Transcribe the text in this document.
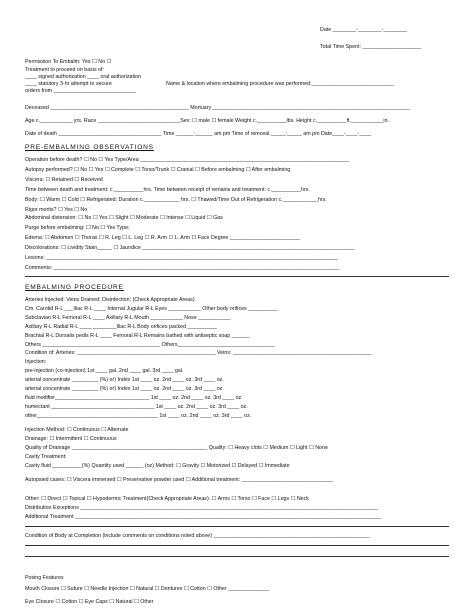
Date ________-________-________
Total Time Spent: ____________________
Permission To Embalm: Yes ☐ No ☐
Treatment to proceed on basis of:
____ signed authorization ____ oral authorization
____ statutory 3-hr attempt to secure
orders from ____________________________
Name & location where embalming procedure was performed:____________________________
Deceased _______________________________________________ Mortuary ___________________________________________________________________
Age c.___________ yrs. Race ____________________________Sex: ☐ male ☐ female Weight c.__________lbs. Height c.__________ft.___________in.
Date of death ___________________________________ Time ______:______ am pm Time of removal _____:_____ am pm Date____-____-____
PRE-EMBALMING OBSERVATIONS
Operation before death? ☐ No ☐ Yes Type/Area _______________________________________________________________________
Autopsy performed? ☐ No ☐ Yes ☐ Complete ☐ Torso/Trunk ☐ Cranial ☐ Before embalming ☐ After embalming
Viscera: ☐ Retained ☐ Received
Time between death and treatment: c.__________hrs. Time between receipt of remains and treatment: c.__________hrs.
Body: ☐ Warm ☐ Cold ☐ Refrigerated: Duration c.____________ hrs. ☐ Thawed/Time Out of Refrigeration c.____________hrs.
Rigor mortis? ☐ Yes ☐ No
Abdominal distension: ☐ No ☐ Yes ☐ Slight ☐ Moderate ☐ Intense ☐ Liquid ☐ Gas
Purge before embalming: ☐ No ☐ Yes Type:
Edema: ☐ Abdomen ☐ Thorax ☐ R. Leg ☐ L. Leg ☐ R. Arm ☐ L. Arm ☐ Face Degree ________________________
Discolorations: ☐ Lividity Stain_____ ☐ Jaundice ________________________________________________________________________
Lesions: ___________________________________________________________________________________________________
Comments: _________________________________________________________________________________________________
EMBALMING PROCEDURE
Arteries Injected: Veins Drained: Disinfection: (Check Appropriate Areas)
Cm. Carotid R-L ___Iliac R-L ____ Internal Jugular R-L Eyes ___________ Other body orifices __________
Subclavian R-L Femoral R-L ____ Axillary R-L Mouth ___________ Nose ___________
Axillary R-L Radial R-L ____ ________Iliac R-L Body orifices packed __________
Brachial R-L Dorsalis pedis R-L ____ Femoral R-L Remains bathed with antiseptic soap ______
Others ________________________________________ Others_________________________________
Condition of: Arteries: _______________________________________________ Veins: _______________________________________________
Injection:
pre-injection (co-injection) 1st ____ gal. 2nd ____ gal. 3rd ____ gal.
arterial concentrate _________ (%) or) Index 1st ____ oz. 2nd ____ oz. 3rd ____ oz.
arterial concentrate _________ (%) or) Index 1st ____ oz. 2nd ____ oz. 3rd ____ oz.
fluid modifier________________________________ 1st ____ oz. 2nd ____ oz. 3rd ____ oz.
humectant ___________________________________ 1st ____ oz. 2nd ____ oz. 3rd ____ oz.
other_________________________________________ 1st ____ oz. 2nd ____ oz. 3rd ____ oz.
Injection Method: ☐ Continuous ☐ Alternate
Drainage: ☐ Intermittent ☐ Continuous
Quality of Drainage ______________________________________________ Quality: ☐ Heavy clots ☐ Medium ☐ Light ☐ None
Cavity Treatment:
Cavity fluid __________(%) Quantity used ______ (oz) Method: ☐ Gravity ☐ Motorized ☐ Delayed ☐ Immediate
Autopsied cases: ☐ Viscera immersed ☐ Preservative powder used ☐ Additional treatment: _______________________________
Other: ☐ Direct ☐ Topical ☐ Hypodermic Treatment(Check Appropriate Areas): ☐ Arms ☐ Torso ☐ Face ☐ Legs ☐ Neck
Distribution Exceptions _____________________________________________________________________________________________________
Additional Treatment ________________________________________________________________________________________________________
Condition of Body at Completion (include comments on conditions noted above) _____________________________________________________
Posing Features
Mouth Closure ☐ Suture ☐ Needle Injection ☐ Natural ☐ Dentures ☐ Cotton ☐ Other ______________
Eye Closure ☐ Cotton ☐ Eye Caps ☐ Natural ☐ Other
